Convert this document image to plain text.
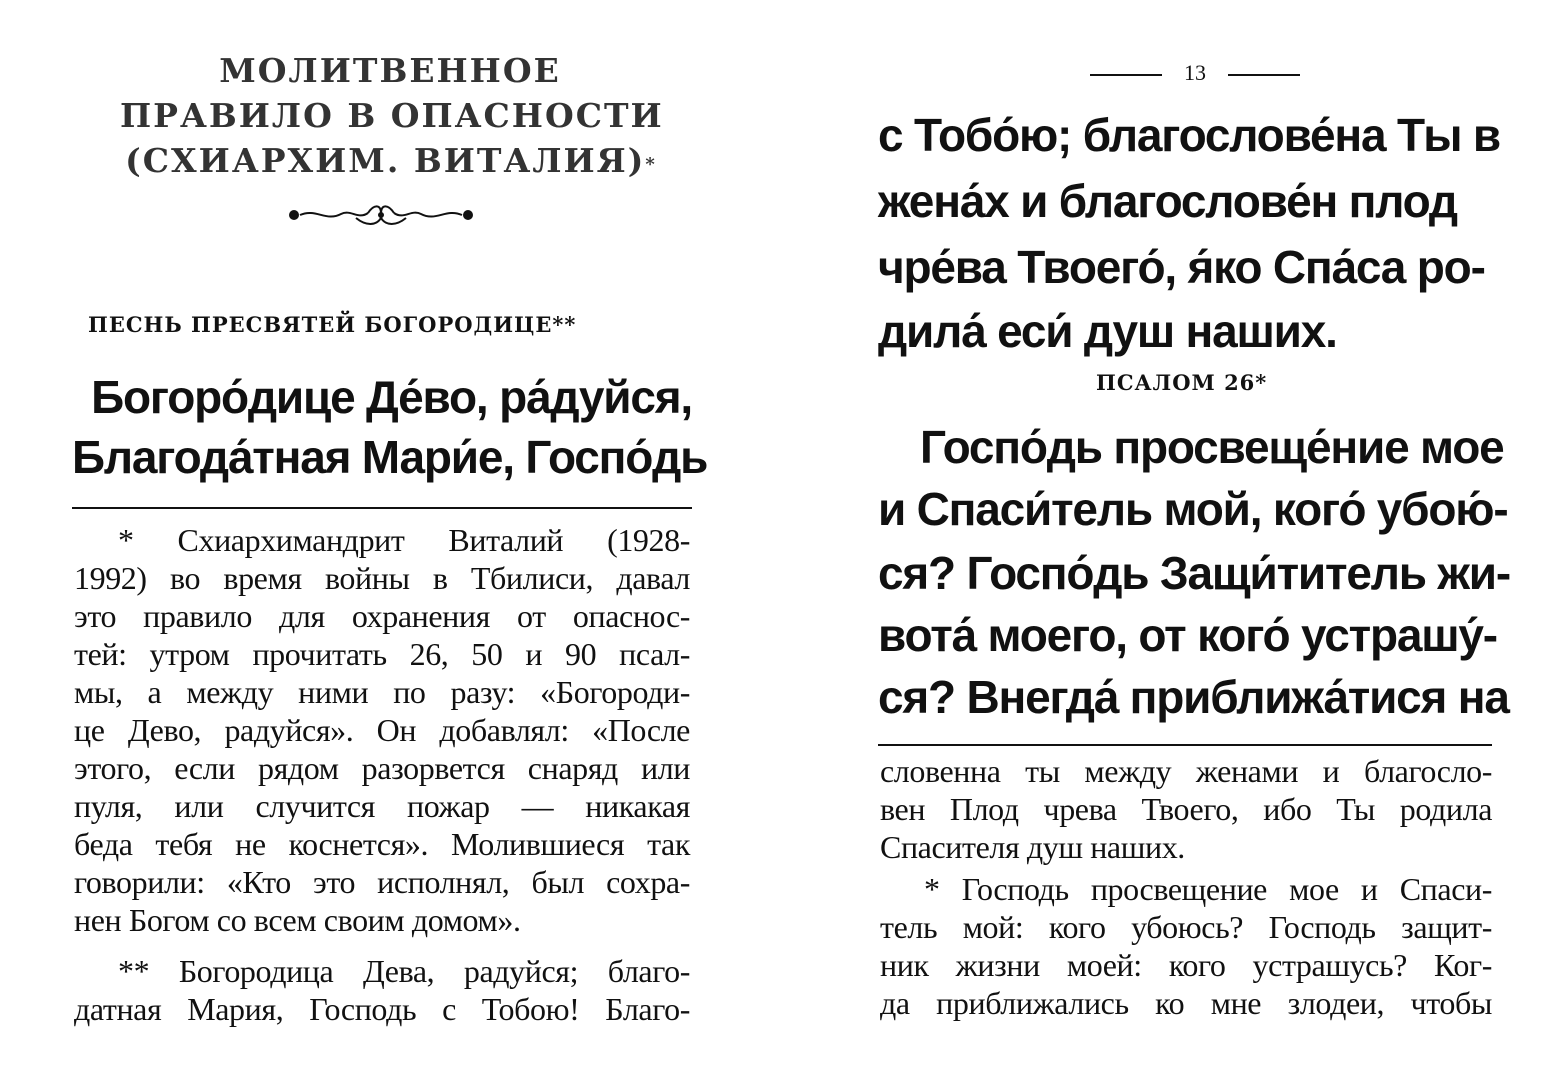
МОЛИТВЕННОЕ
ПРАВИЛО В ОПАСНОСТИ
(СХИАРХИМ. ВИТАЛИЯ)*
ПЕСНЬ ПРЕСВЯТЕЙ БОГОРОДИЦЕ**
Богоро́дице Де́во, ра́дуйся,
Благода́тная Мари́е, Госпо́дь
* Схиархимандрит Виталий (1928-
1992) во время войны в Тбилиси, давал
это правило для охранения от опаснос-
тей: утром прочитать 26, 50 и 90 псал-
мы, а между ними по разу: «Богороди-
це Дево, радуйся». Он добавлял: «После
этого, если рядом разорвется снаряд или
пуля, или случится пожар — никакая
беда тебя не коснется». Молившиеся так
говорили: «Кто это исполнял, был сохра-
нен Богом со всем своим домом».
** Богородица Дева, радуйся; благо-
датная Мария, Господь с Тобою! Благо-
13
с Тобо́ю; благослове́на Ты в
жена́х и благослове́н плод
чре́ва Твоего́, я́ко Спа́са ро-
дила́ еси́ душ наших.
ПСАЛОМ 26*
Госпо́дь просвеще́ние мое
и Спаси́тель мой, кого́ убою́-
ся? Госпо́дь Защи́титель жи-
вота́ моего, от кого́ устрашу́-
ся? Внегда́ приближа́тися на
словенна ты между женами и благосло-
вен Плод чрева Твоего, ибо Ты родила
Спасителя душ наших.
* Господь просвещение мое и Спаси-
тель мой: кого убоюсь? Господь защит-
ник жизни моей: кого устрашусь? Ког-
да приближались ко мне злодеи, чтобы
